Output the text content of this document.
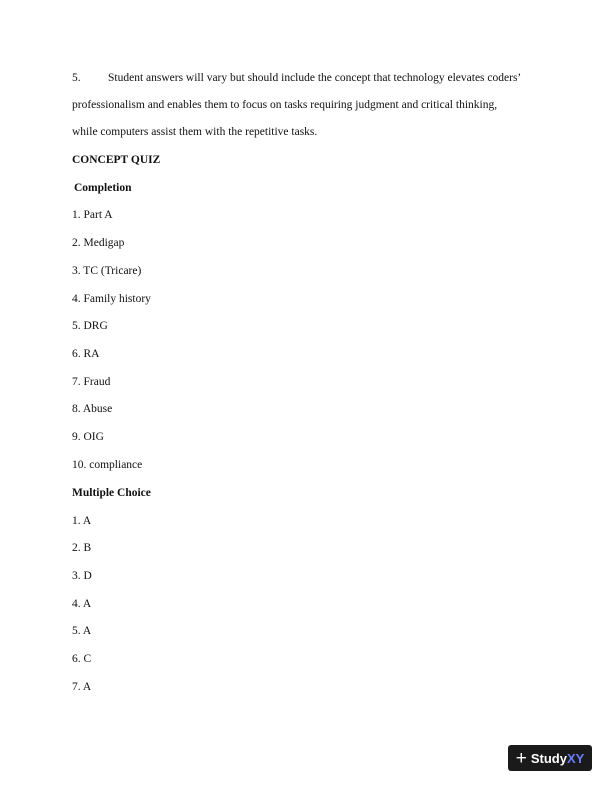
5. Student answers will vary but should include the concept that technology elevates coders’
professionalism and enables them to focus on tasks requiring judgment and critical thinking,
while computers assist them with the repetitive tasks.
CONCEPT QUIZ
Completion
1. Part A
2. Medigap
3. TC (Tricare)
4. Family history
5. DRG
6. RA
7. Fraud
8. Abuse
9. OIG
10. compliance
Multiple Choice
1. A
2. B
3. D
4. A
5. A
6. C
7. A
+ Study XY
